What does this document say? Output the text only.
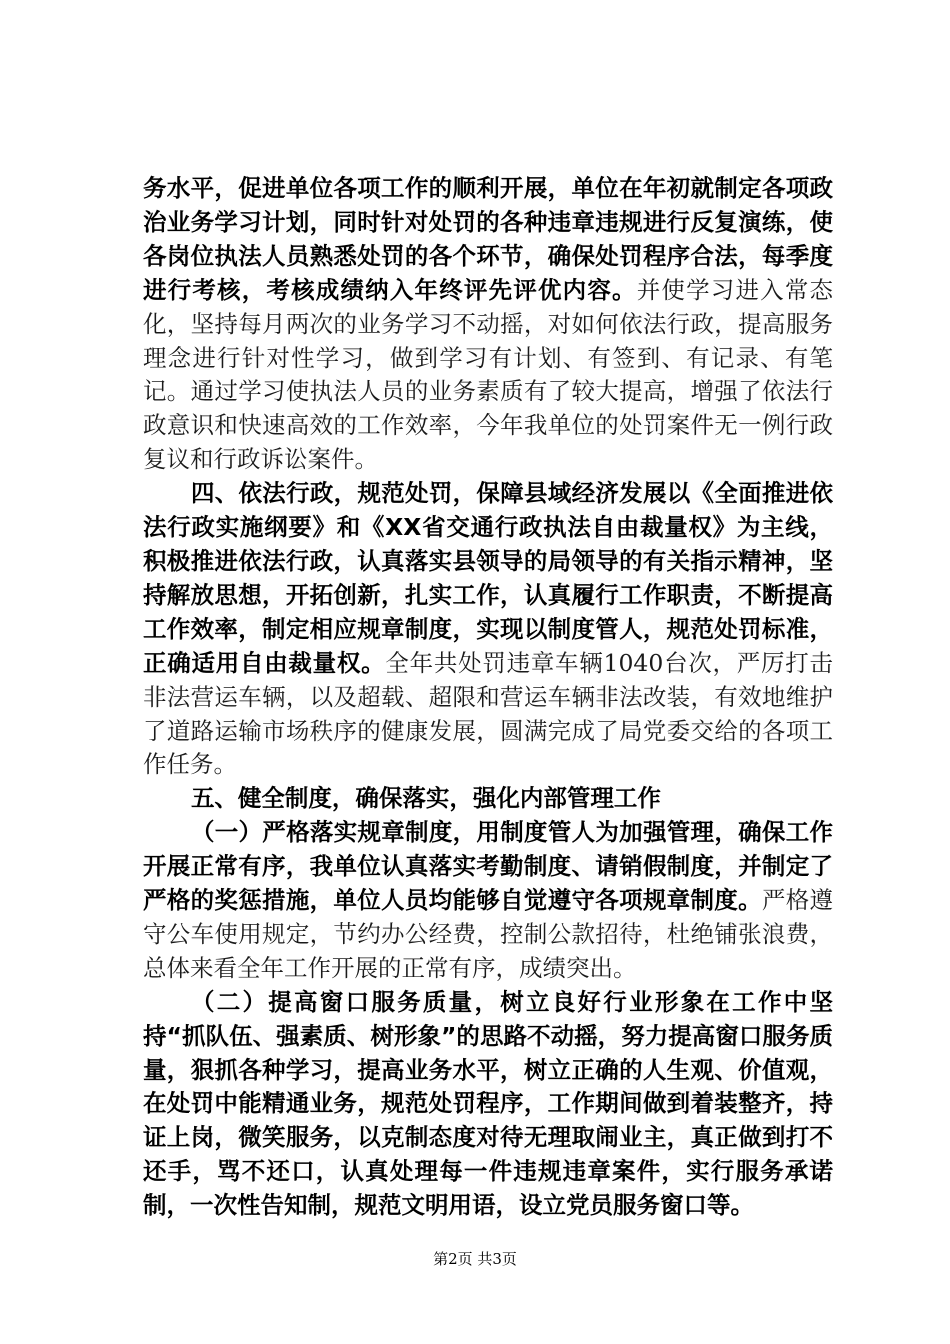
务水平，促进单位各项工作的顺利开展，单位在年初就制定各项政治业务学习计划，同时针对处罚的各种违章违规进行反复演练，使各岗位执法人员熟悉处罚的各个环节，确保处罚程序合法，每季度进行考核，考核成绩纳入年终评先评优内容。并使学习进入常态化，坚持每月两次的业务学习不动摇，对如何依法行政，提高服务理念进行针对性学习，做到学习有计划、有签到、有记录、有笔记。通过学习使执法人员的业务素质有了较大提高，增强了依法行政意识和快速高效的工作效率，今年我单位的处罚案件无一例行政复议和行政诉讼案件。

四、依法行政，规范处罚，保障县域经济发展以《全面推进依法行政实施纲要》和《XX省交通行政执法自由裁量权》为主线，积极推进依法行政，认真落实县领导的局领导的有关指示精神，坚持解放思想，开拓创新，扎实工作，认真履行工作职责，不断提高工作效率，制定相应规章制度，实现以制度管人，规范处罚标准，正确适用自由裁量权。全年共处罚违章车辆1040台次，严厉打击非法营运车辆，以及超载、超限和营运车辆非法改装，有效地维护了道路运输市场秩序的健康发展，圆满完成了局党委交给的各项工作任务。

五、健全制度，确保落实，强化内部管理工作

（一）严格落实规章制度，用制度管人为加强管理，确保工作开展正常有序，我单位认真落实考勤制度、请销假制度，并制定了严格的奖惩措施，单位人员均能够自觉遵守各项规章制度。严格遵守公车使用规定，节约办公经费，控制公款招待，杜绝铺张浪费，总体来看全年工作开展的正常有序，成绩突出。

（二）提高窗口服务质量，树立良好行业形象在工作中坚持“抓队伍、强素质、树形象”的思路不动摇，努力提高窗口服务质量，狠抓各种学习，提高业务水平，树立正确的人生观、价值观，在处罚中能精通业务，规范处罚程序，工作期间做到着装整齐，持证上岗，微笑服务，以克制态度对待无理取闹业主，真正做到打不还手，骂不还口，认真处理每一件违规违章案件，实行服务承诺制，一次性告知制，规范文明用语，设立党员服务窗口等。

第2页 共3页
